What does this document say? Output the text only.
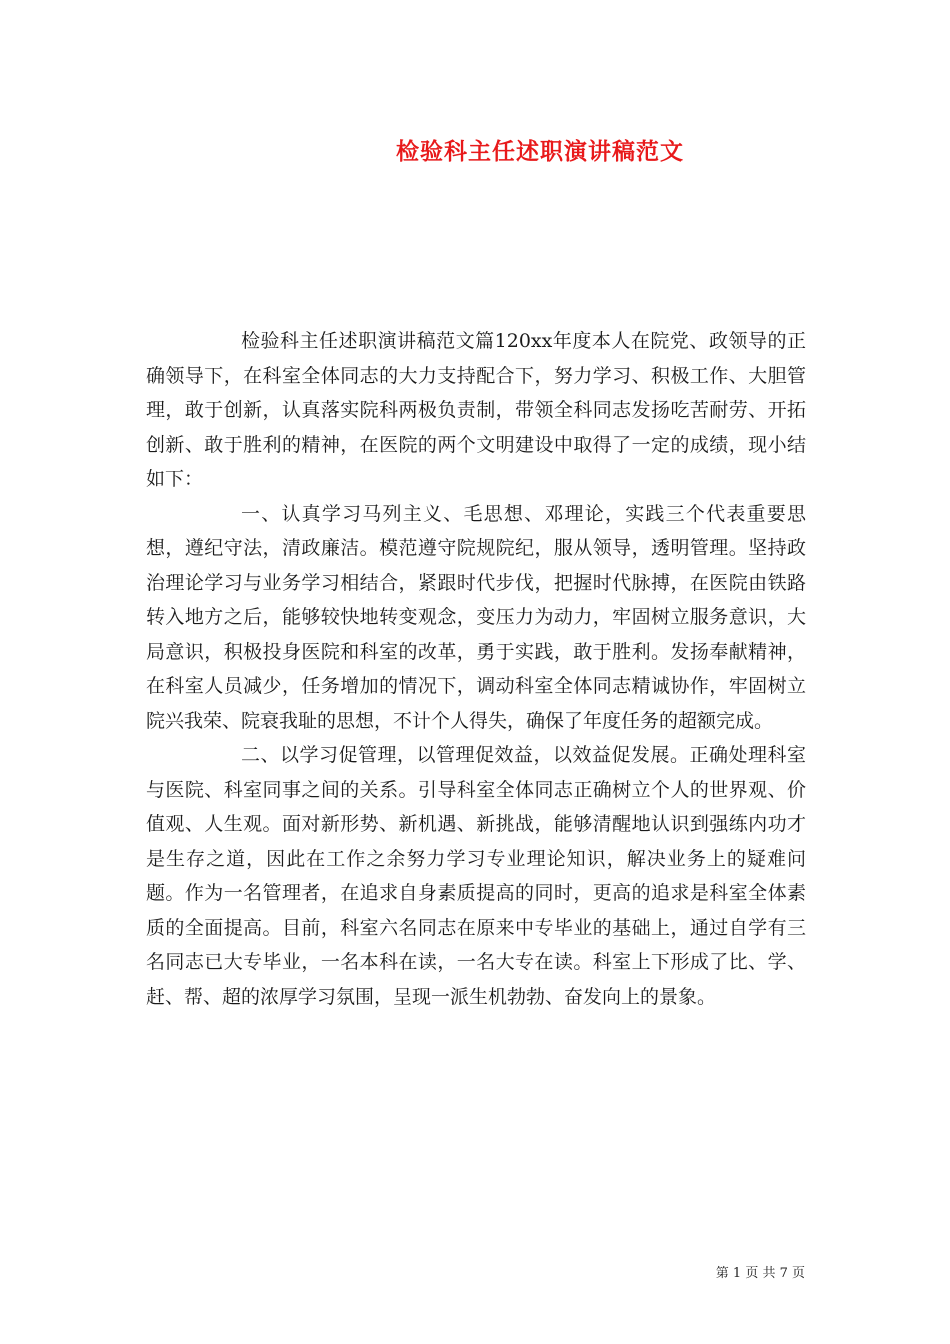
检验科主任述职演讲稿范文

检验科主任述职演讲稿范文篇120xx年度本人在院党、政领导的正确领导下，在科室全体同志的大力支持配合下，努力学习、积极工作、大胆管理，敢于创新，认真落实院科两极负责制，带领全科同志发扬吃苦耐劳、开拓创新、敢于胜利的精神，在医院的两个文明建设中取得了一定的成绩，现小结如下：

一、认真学习马列主义、毛思想、邓理论，实践三个代表重要思想，遵纪守法，清政廉洁。模范遵守院规院纪，服从领导，透明管理。坚持政治理论学习与业务学习相结合，紧跟时代步伐，把握时代脉搏，在医院由铁路转入地方之后，能够较快地转变观念，变压力为动力，牢固树立服务意识，大局意识，积极投身医院和科室的改革，勇于实践，敢于胜利。发扬奉献精神，在科室人员减少，任务增加的情况下，调动科室全体同志精诚协作，牢固树立院兴我荣、院衰我耻的思想，不计个人得失，确保了年度任务的超额完成。

二、以学习促管理，以管理促效益，以效益促发展。正确处理科室与医院、科室同事之间的关系。引导科室全体同志正确树立个人的世界观、价值观、人生观。面对新形势、新机遇、新挑战，能够清醒地认识到强练内功才是生存之道，因此在工作之余努力学习专业理论知识，解决业务上的疑难问题。作为一名管理者，在追求自身素质提高的同时，更高的追求是科室全体素质的全面提高。目前，科室六名同志在原来中专毕业的基础上，通过自学有三名同志已大专毕业，一名本科在读，一名大专在读。科室上下形成了比、学、赶、帮、超的浓厚学习氛围，呈现一派生机勃勃、奋发向上的景象。

第 1 页 共 7 页
